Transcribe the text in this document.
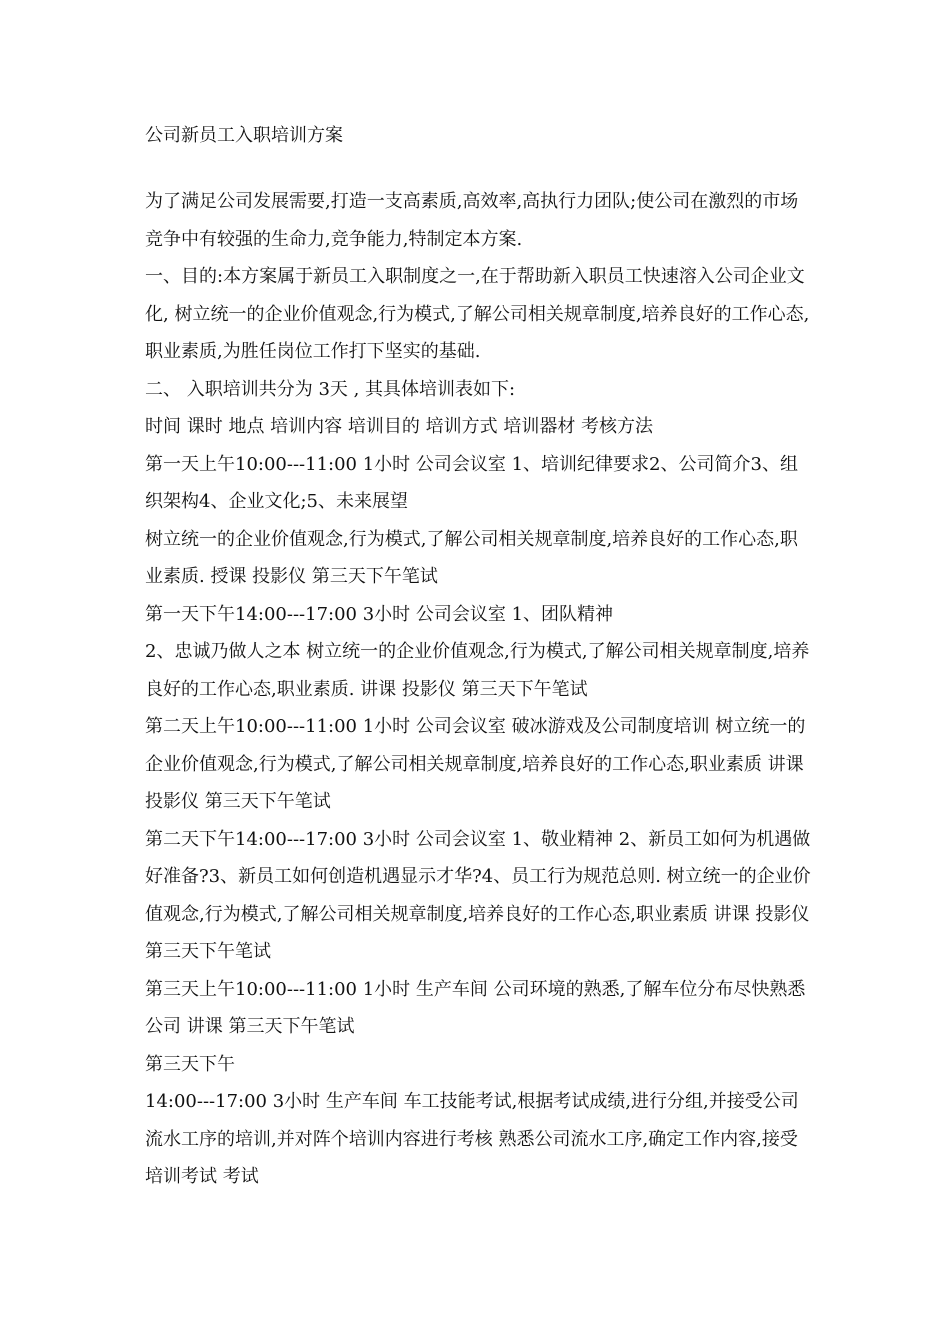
公司新员工入职培训方案

为了满足公司发展需要,打造一支高素质,高效率,高执行力团队;使公司在激烈的市场竞争中有较强的生命力,竞争能力,特制定本方案.

一、目的:本方案属于新员工入职制度之一,在于帮助新入职员工快速溶入公司企业文化, 树立统一的企业价值观念,行为模式,了解公司相关规章制度,培养良好的工作心态,职业素质,为胜任岗位工作打下坚实的基础.

二、 入职培训共分为 3天 , 其具体培训表如下:

时间 课时 地点 培训内容 培训目的 培训方式 培训器材 考核方法

第一天上午10:00---11:00 1小时 公司会议室 1、培训纪律要求2、公司简介3、组织架构4、企业文化;5、未来展望

树立统一的企业价值观念,行为模式,了解公司相关规章制度,培养良好的工作心态,职业素质. 授课 投影仪 第三天下午笔试

第一天下午14:00---17:00 3小时 公司会议室 1、团队精神

2、忠诚乃做人之本 树立统一的企业价值观念,行为模式,了解公司相关规章制度,培养良好的工作心态,职业素质. 讲课 投影仪 第三天下午笔试

第二天上午10:00---11:00 1小时 公司会议室 破冰游戏及公司制度培训 树立统一的企业价值观念,行为模式,了解公司相关规章制度,培养良好的工作心态,职业素质 讲课 投影仪 第三天下午笔试

第二天下午14:00---17:00 3小时 公司会议室 1、敬业精神 2、新员工如何为机遇做好准备?3、新员工如何创造机遇显示才华?4、员工行为规范总则. 树立统一的企业价值观念,行为模式,了解公司相关规章制度,培养良好的工作心态,职业素质 讲课 投影仪 第三天下午笔试

第三天上午10:00---11:00 1小时 生产车间 公司环境的熟悉,了解车位分布尽快熟悉公司 讲课 第三天下午笔试

第三天下午

14:00---17:00 3小时 生产车间 车工技能考试,根据考试成绩,进行分组,并接受公司流水工序的培训,并对阵个培训内容进行考核 熟悉公司流水工序,确定工作内容,接受培训考试 考试
